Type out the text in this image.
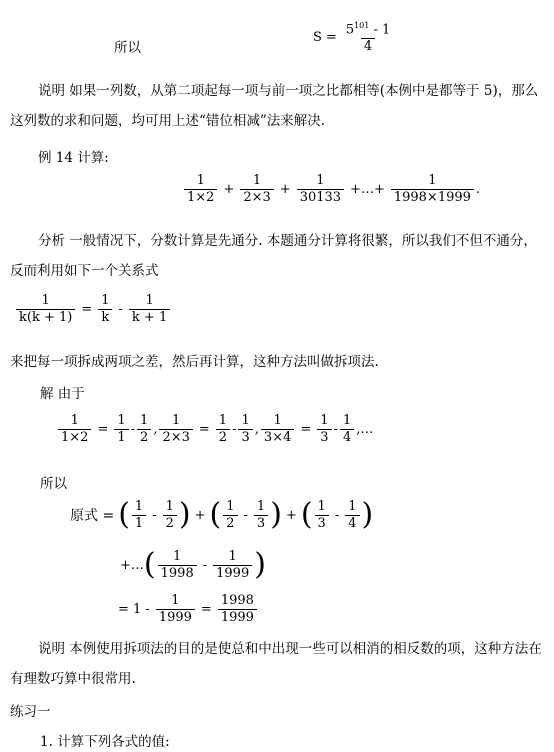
所以
$S = \frac{5^{101} - 1}{4}$
说明 如果一列数，从第二项起每一项与前一项之比都相等(本例中是都等于 5)，那么这列数的求和问题，均可用上述“错位相减”法来解决.
例 14 计算:
$\frac{1}{1\times 2} + \frac{1}{2\times 3} + \frac{1}{30133}$ +…+ $\frac{1}{1998\times 1999}$ .
分析 一般情况下，分数计算是先通分. 本题通分计算将很繁，所以我们不但不通分，反而利用如下一个关系式
$\frac{1}{k(k + 1)} = \frac{1}{k} - \frac{1}{k + 1}$
来把每一项拆成两项之差，然后再计算，这种方法叫做拆项法.
解 由于
$\frac{1}{1\times 2} = \frac{1}{1} - \frac{1}{2}$ , $\frac{1}{2\times 3} = \frac{1}{2} - \frac{1}{3}$ , $\frac{1}{3\times 4} = \frac{1}{3} - \frac{1}{4}$ ,…
所以
原式 = ( $\frac{1}{1} - \frac{1}{2}$ ) + ( $\frac{1}{2} - \frac{1}{3}$ ) + ( $\frac{1}{3} - \frac{1}{4}$ )
+… ( $\frac{1}{1998} - \frac{1}{1999}$ )
= $1 - \frac{1}{1999} = \frac{1998}{1999}$
说明 本例使用拆项法的目的是使总和中出现一些可以相消的相反数的项，这种方法在有理数巧算中很常用.
练习一
1. 计算下列各式的值:
